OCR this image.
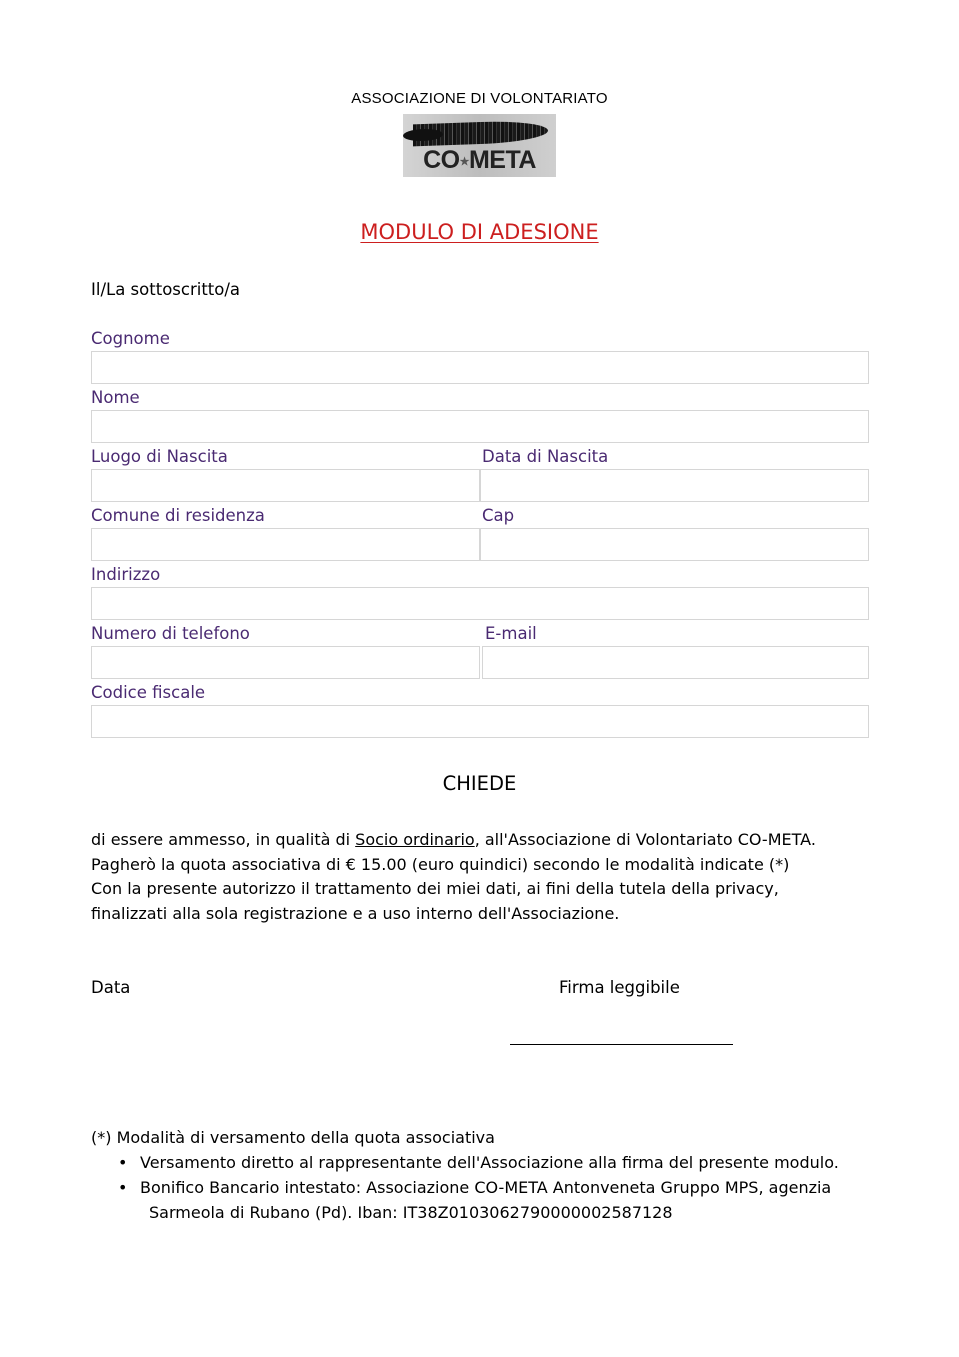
ASSOCIAZIONE DI VOLONTARIATO
CO★META
MODULO DI ADESIONE
Il/La sottoscritto/a
Cognome
Nome
Luogo di Nascita	Data di Nascita
Comune di residenza	Cap
Indirizzo
Numero di telefono	E-mail
Codice fiscale
CHIEDE
di essere ammesso, in qualità di Socio ordinario, all'Associazione di Volontariato CO-META.
Pagherò la quota associativa di € 15.00 (euro quindici) secondo le modalità indicate (*)
Con la presente autorizzo il trattamento dei miei dati, ai fini della tutela della privacy,
finalizzati alla sola registrazione e a uso interno dell'Associazione.
Data	Firma leggibile
(*) Modalità di versamento della quota associativa
• Versamento diretto al rappresentante dell'Associazione alla firma del presente modulo.
• Bonifico Bancario intestato: Associazione CO-META Antonveneta Gruppo MPS, agenzia
Sarmeola di Rubano (Pd). Iban: IT38Z0103062790000002587128
